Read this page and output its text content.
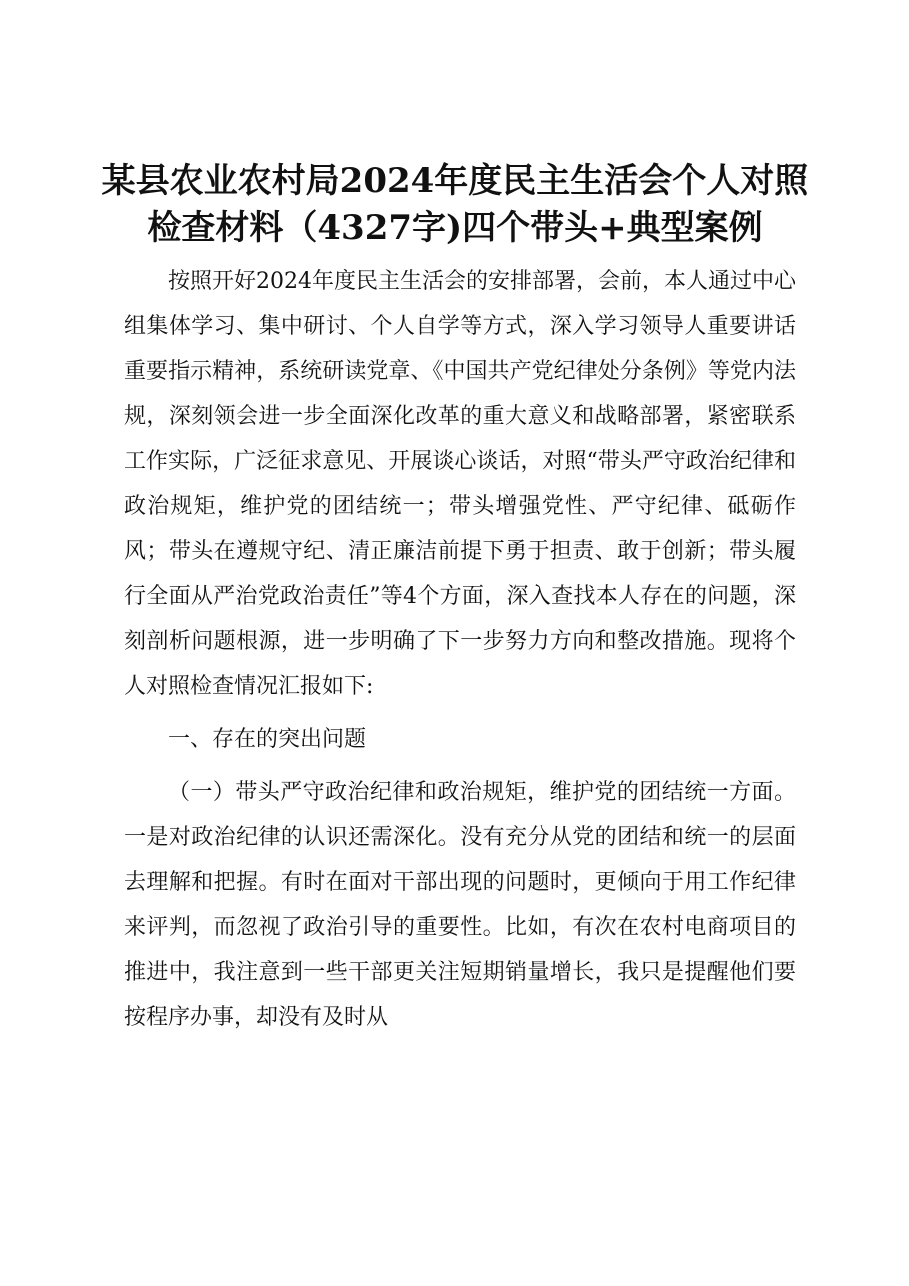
某县农业农村局2024年度民主生活会个人对照检查材料（4327字)四个带头+典型案例

按照开好2024年度民主生活会的安排部署，会前，本人通过中心组集体学习、集中研讨、个人自学等方式，深入学习领导人重要讲话重要指示精神，系统研读党章、《中国共产党纪律处分条例》等党内法规，深刻领会进一步全面深化改革的重大意义和战略部署，紧密联系工作实际，广泛征求意见、开展谈心谈话，对照“带头严守政治纪律和政治规矩，维护党的团结统一；带头增强党性、严守纪律、砥砺作风；带头在遵规守纪、清正廉洁前提下勇于担责、敢于创新；带头履行全面从严治党政治责任”等4个方面，深入查找本人存在的问题，深刻剖析问题根源，进一步明确了下一步努力方向和整改措施。现将个人对照检查情况汇报如下:

一、存在的突出问题

（一）带头严守政治纪律和政治规矩，维护党的团结统一方面。一是对政治纪律的认识还需深化。没有充分从党的团结和统一的层面去理解和把握。有时在面对干部出现的问题时，更倾向于用工作纪律来评判，而忽视了政治引导的重要性。比如，有次在农村电商项目的推进中，我注意到一些干部更关注短期销量增长，我只是提醒他们要按程序办事，却没有及时从
